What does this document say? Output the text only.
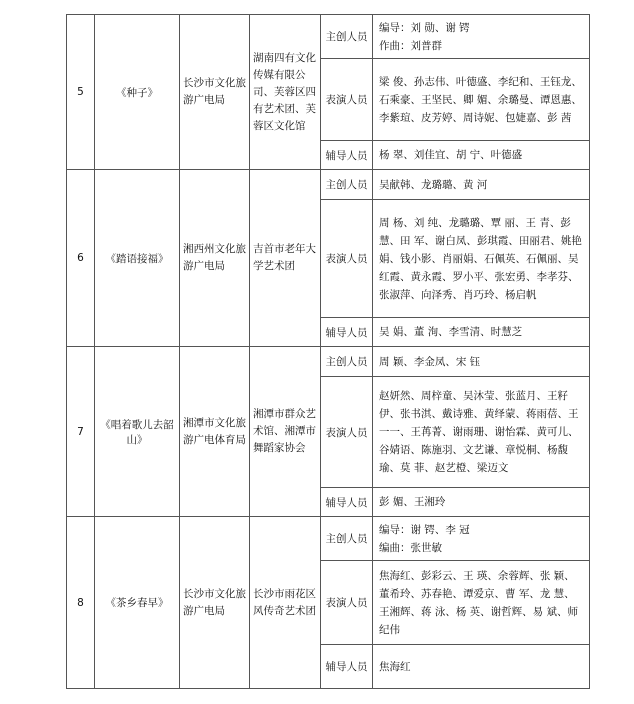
5	《种子》	长沙市文化旅游广电局	湖南四有文化传媒有限公司、芙蓉区四有艺术团、芙蓉区文化馆	主创人员	编导：刘 勋、谢 锷
作曲：刘普群
				表演人员	梁 俊、孙志伟、叶德盛、李纪和、王钰龙、石乘豪、王坚民、卿 媚、余璐曼、谭恩惠、李紫瑄、皮芳婷、周诗妮、包婕嘉、彭 茜
				辅导人员	杨 翠、刘佳宜、胡 宁、叶德盛
6	《踏语接福》	湘西州文化旅游广电局	吉首市老年大学艺术团	主创人员	吴献韩、龙璐璐、黄 河
				表演人员	周 杨、刘 纯、龙璐璐、覃 丽、王 青、彭 慧、田 军、谢白凤、彭琪霞、田丽君、姚艳娟、钱小影、肖丽娟、石佩英、石佩丽、吴红霞、黄永霞、罗小平、张宏勇、李孝芬、张淑萍、向泽秀、肖巧玲、杨启帆
				辅导人员	吴 娟、董 洵、李雪清、时慧芝
7	《唱着歌儿去韶山》	湘潭市文化旅游广电体育局	湘潭市群众艺术馆、湘潭市舞蹈家协会	主创人员	周 颖、李金凤、宋 钰
				表演人员	赵妍然、周梓童、吴沐莹、张蓝月、王籽伊、张书淇、戴诗雅、黄绎蒙、蒋雨蓓、王一一、王苒菁、谢雨珊、谢怡霖、黄可儿、谷婧语、陈施羽、文艺谦、章悦桐、杨馥瑜、莫 菲、赵艺橙、梁迈文
				辅导人员	彭 媚、王湘玲
8	《茶乡春早》	长沙市文化旅游广电局	长沙市雨花区风传奇艺术团	主创人员	编导：谢 锷、李 冠
编曲：张世敏
				表演人员	焦海红、彭彩云、王 瑛、余蓉辉、张 颖、董希玲、苏春艳、谭爱京、曹 军、龙 慧、王湘辉、蒋 泳、杨 英、谢哲辉、易 斌、师纪伟
				辅导人员	焦海红
